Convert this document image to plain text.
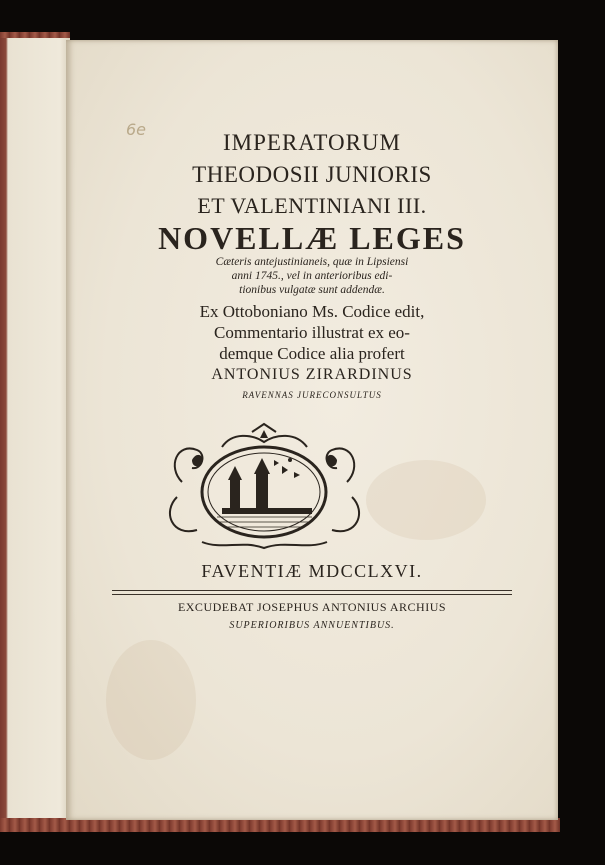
6e
IMPERATORUM
THEODOSII JUNIORIS
ET VALENTINIANI III.
NOVELLÆ LEGES
Cæteris antejustinianeis, quæ in Lipsiensi
anni 1745., vel in anterioribus edi-
tionibus vulgatæ sunt addendæ.
Ex Ottoboniano Ms. Codice edit,
Commentario illustrat ex eo-
demque Codice alia profert
ANTONIUS ZIRARDINUS
RAVENNAS JURECONSULTUS
FAVENTIÆ MDCCLXVI.
EXCUDEBAT JOSEPHUS ANTONIUS ARCHIUS
SUPERIORIBUS ANNUENTIBUS.
